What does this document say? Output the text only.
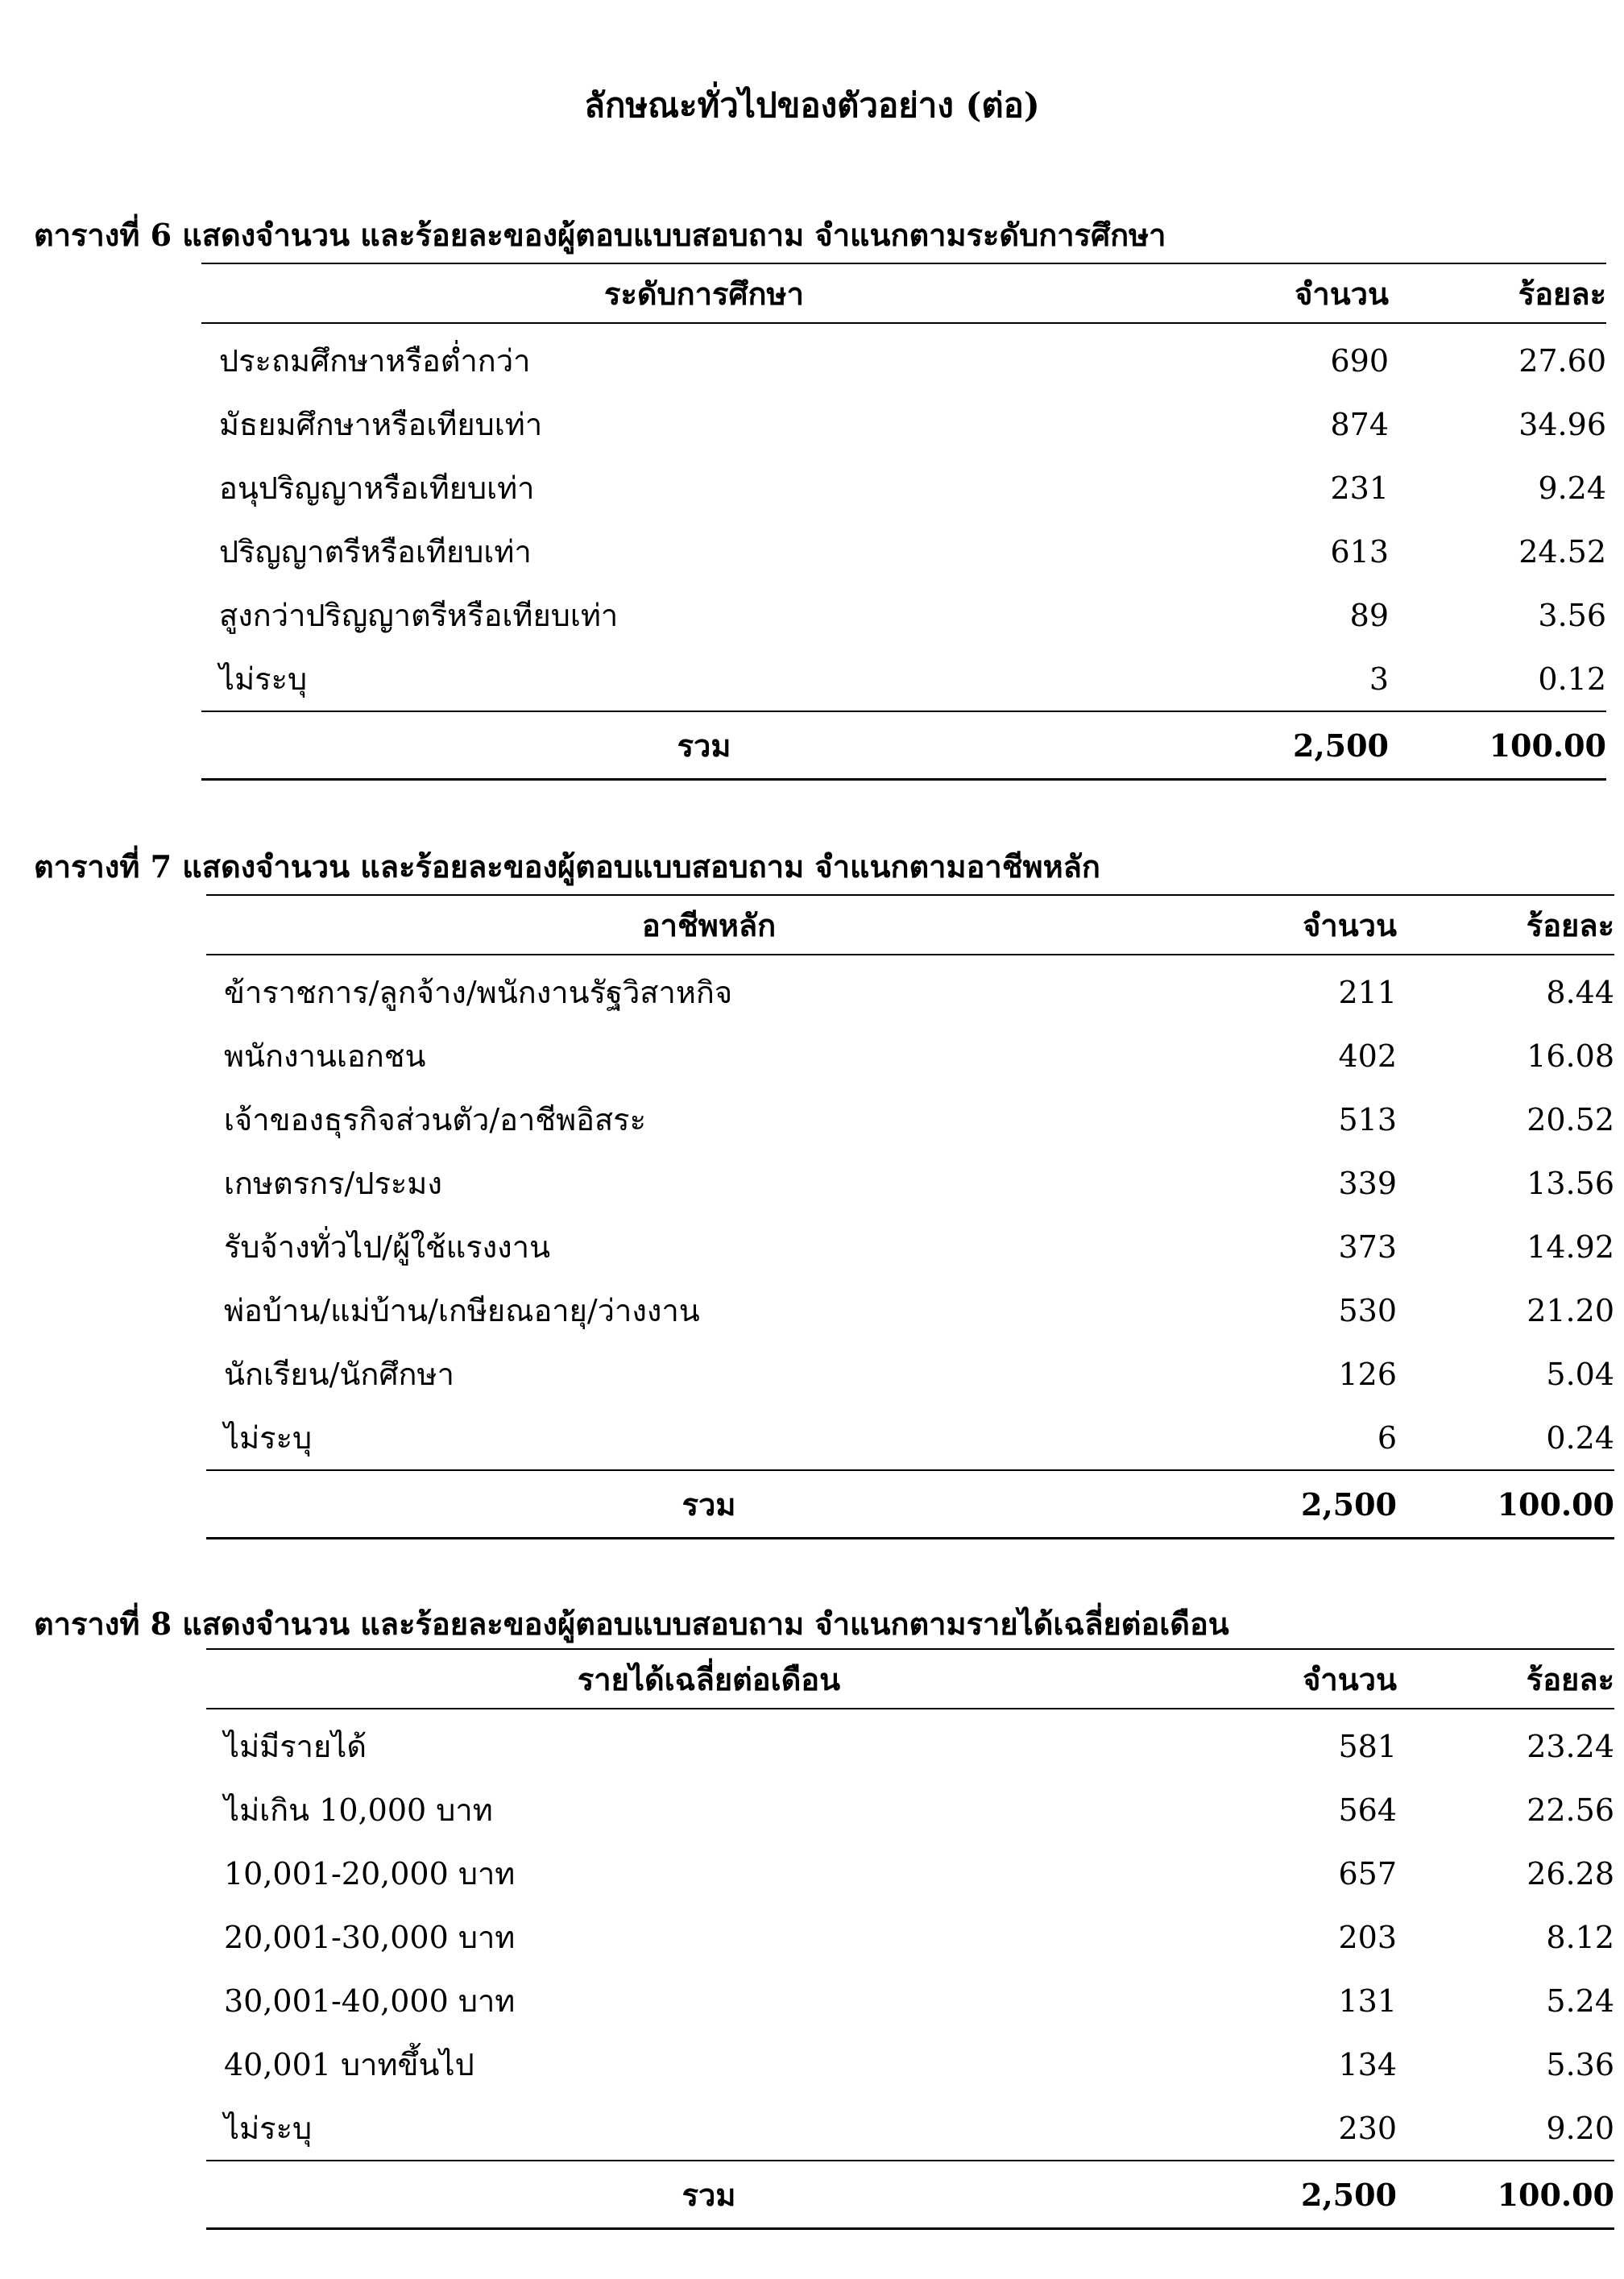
ลักษณะทั่วไปของตัวอย่าง (ต่อ)
ตารางที่ 6 แสดงจำนวน และร้อยละของผู้ตอบแบบสอบถาม จำแนกตามระดับการศึกษา
ระดับการศึกษา	จำนวน	ร้อยละ
ประถมศึกษาหรือต่ำกว่า	690	27.60
มัธยมศึกษาหรือเทียบเท่า	874	34.96
อนุปริญญาหรือเทียบเท่า	231	9.24
ปริญญาตรีหรือเทียบเท่า	613	24.52
สูงกว่าปริญญาตรีหรือเทียบเท่า	89	3.56
ไม่ระบุ	3	0.12
รวม	2,500	100.00
ตารางที่ 7 แสดงจำนวน และร้อยละของผู้ตอบแบบสอบถาม จำแนกตามอาชีพหลัก
อาชีพหลัก	จำนวน	ร้อยละ
ข้าราชการ/ลูกจ้าง/พนักงานรัฐวิสาหกิจ	211	8.44
พนักงานเอกชน	402	16.08
เจ้าของธุรกิจส่วนตัว/อาชีพอิสระ	513	20.52
เกษตรกร/ประมง	339	13.56
รับจ้างทั่วไป/ผู้ใช้แรงงาน	373	14.92
พ่อบ้าน/แม่บ้าน/เกษียณอายุ/ว่างงาน	530	21.20
นักเรียน/นักศึกษา	126	5.04
ไม่ระบุ	6	0.24
รวม	2,500	100.00
ตารางที่ 8 แสดงจำนวน และร้อยละของผู้ตอบแบบสอบถาม จำแนกตามรายได้เฉลี่ยต่อเดือน
รายได้เฉลี่ยต่อเดือน	จำนวน	ร้อยละ
ไม่มีรายได้	581	23.24
ไม่เกิน 10,000 บาท	564	22.56
10,001-20,000 บาท	657	26.28
20,001-30,000 บาท	203	8.12
30,001-40,000 บาท	131	5.24
40,001 บาทขึ้นไป	134	5.36
ไม่ระบุ	230	9.20
รวม	2,500	100.00
